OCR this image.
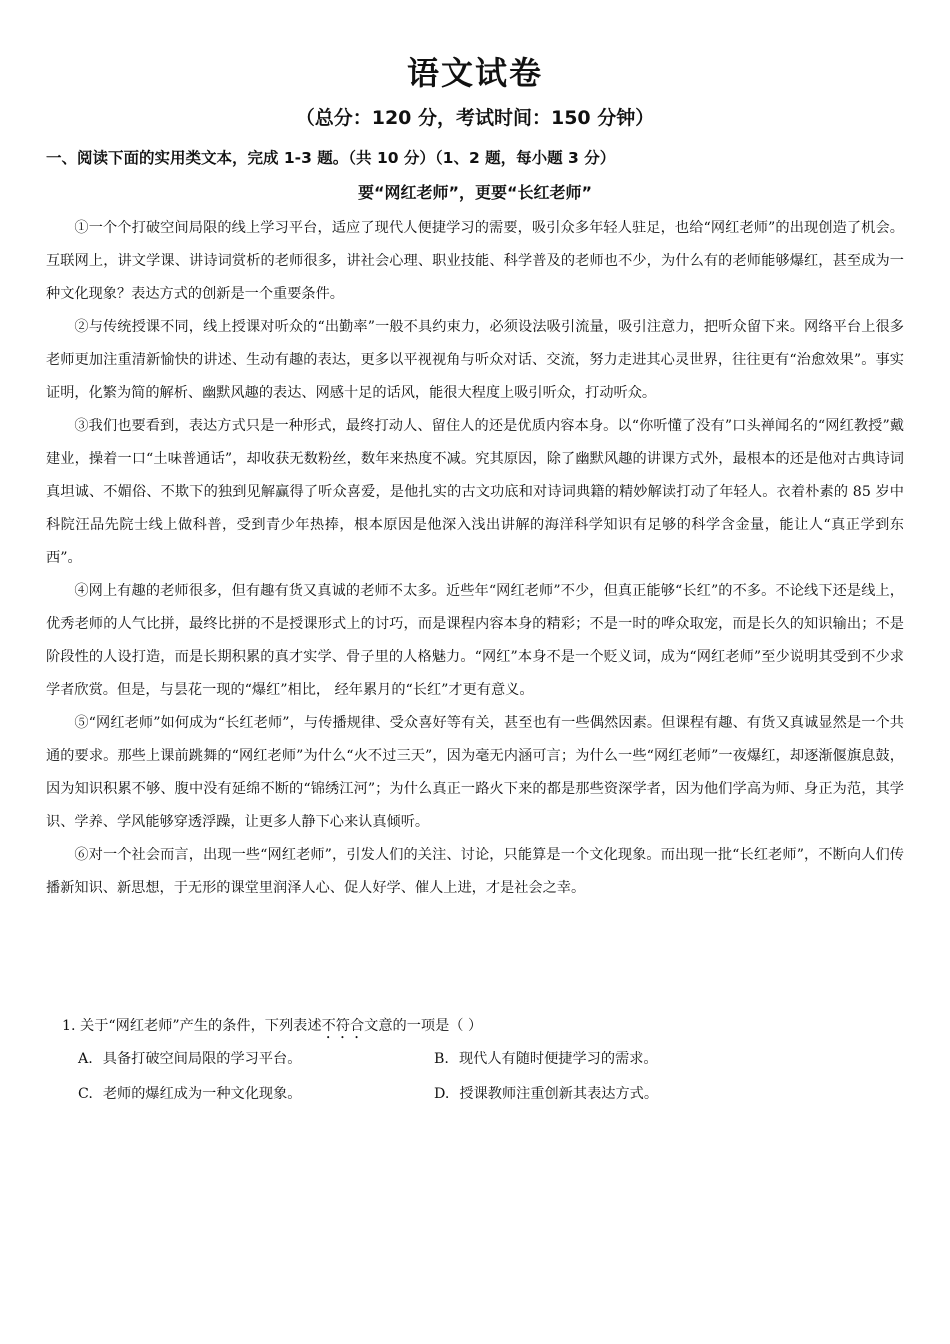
语文试卷
（总分：120 分，考试时间：150 分钟）
一、阅读下面的实用类文本，完成 1-3 题。（共 10 分）（1、2 题，每小题 3 分）
要“网红老师”，更要“长红老师”

①一个个打破空间局限的线上学习平台，适应了现代人便捷学习的需要，吸引众多年轻人驻足，也给“网红老师”的出现创造了机会。互联网上，讲文学课、讲诗词赏析的老师很多，讲社会心理、职业技能、科学普及的老师也不少，为什么有的老师能够爆红，甚至成为一种文化现象？表达方式的创新是一个重要条件。

②与传统授课不同，线上授课对听众的“出勤率”一般不具约束力，必须设法吸引流量，吸引注意力，把听众留下来。网络平台上很多老师更加注重清新愉快的讲述、生动有趣的表达，更多以平视视角与听众对话、交流，努力走进其心灵世界，往往更有“治愈效果”。事实证明，化繁为简的解析、幽默风趣的表达、网感十足的话风，能很大程度上吸引听众，打动听众。

③我们也要看到，表达方式只是一种形式，最终打动人、留住人的还是优质内容本身。以“你听懂了没有”口头禅闻名的“网红教授”戴建业，操着一口“土味普通话”，却收获无数粉丝，数年来热度不减。究其原因，除了幽默风趣的讲课方式外，最根本的还是他对古典诗词真坦诚、不媚俗、不欺下的独到见解赢得了听众喜爱，是他扎实的古文功底和对诗词典籍的精妙解读打动了年轻人。衣着朴素的 85 岁中科院汪品先院士线上做科普，受到青少年热捧，根本原因是他深入浅出讲解的海洋科学知识有足够的科学含金量，能让人“真正学到东西”。

④网上有趣的老师很多，但有趣有货又真诚的老师不太多。近些年“网红老师”不少，但真正能够“长红”的不多。不论线下还是线上，优秀老师的人气比拼，最终比拼的不是授课形式上的讨巧，而是课程内容本身的精彩；不是一时的哗众取宠，而是长久的知识输出；不是阶段性的人设打造，而是长期积累的真才实学、骨子里的人格魅力。“网红”本身不是一个贬义词，成为“网红老师”至少说明其受到不少求学者欣赏。但是，与昙花一现的“爆红”相比， 经年累月的“长红”才更有意义。

⑤“网红老师”如何成为“长红老师”，与传播规律、受众喜好等有关，甚至也有一些偶然因素。但课程有趣、有货又真诚显然是一个共通的要求。那些上课前跳舞的“网红老师”为什么“火不过三天”，因为毫无内涵可言；为什么一些“网红老师”一夜爆红，却逐渐偃旗息鼓，因为知识积累不够、腹中没有延绵不断的“锦绣江河”；为什么真正一路火下来的都是那些资深学者，因为他们学高为师、身正为范，其学识、学养、学风能够穿透浮躁，让更多人静下心来认真倾听。

⑥对一个社会而言，出现一些“网红老师”，引发人们的关注、讨论，只能算是一个文化现象。而出现一批“长红老师”，不断向人们传播新知识、新思想，于无形的课堂里润泽人心、促人好学、催人上进，才是社会之幸。

1. 关于“网红老师”产生的条件，下列表述不符合文意的一项是（ ）
A. 具备打破空间局限的学习平台。	B. 现代人有随时便捷学习的需求。
C. 老师的爆红成为一种文化现象。	D. 授课教师注重创新其表达方式。
